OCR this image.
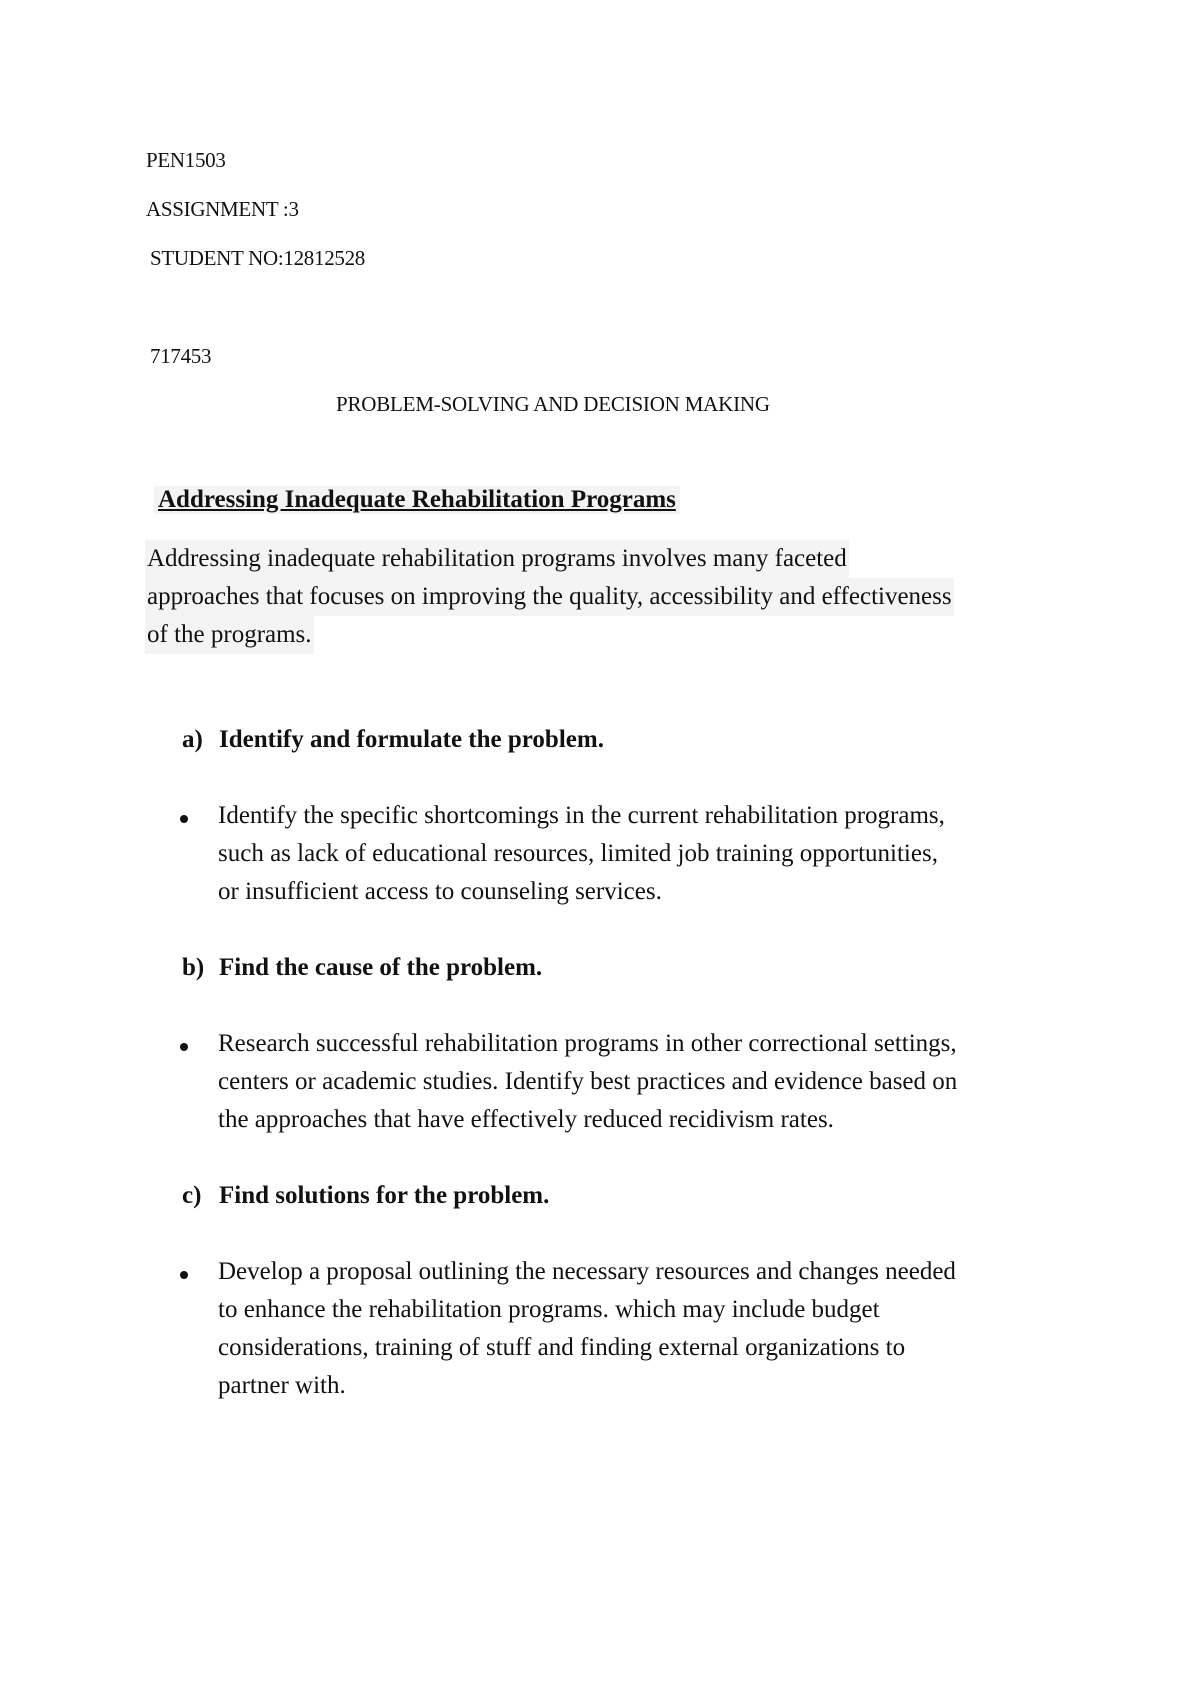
PEN1503
ASSIGNMENT :3
STUDENT NO:12812528
717453
PROBLEM-SOLVING AND DECISION MAKING
Addressing Inadequate Rehabilitation Programs
Addressing inadequate rehabilitation programs involves many faceted
approaches that focuses on improving the quality, accessibility and effectiveness
of the programs.
a) Identify and formulate the problem.
Identify the specific shortcomings in the current rehabilitation programs,
such as lack of educational resources, limited job training opportunities,
or insufficient access to counseling services.
b) Find the cause of the problem.
Research successful rehabilitation programs in other correctional settings,
centers or academic studies. Identify best practices and evidence based on
the approaches that have effectively reduced recidivism rates.
c) Find solutions for the problem.
Develop a proposal outlining the necessary resources and changes needed
to enhance the rehabilitation programs. which may include budget
considerations, training of stuff and finding external organizations to
partner with.
